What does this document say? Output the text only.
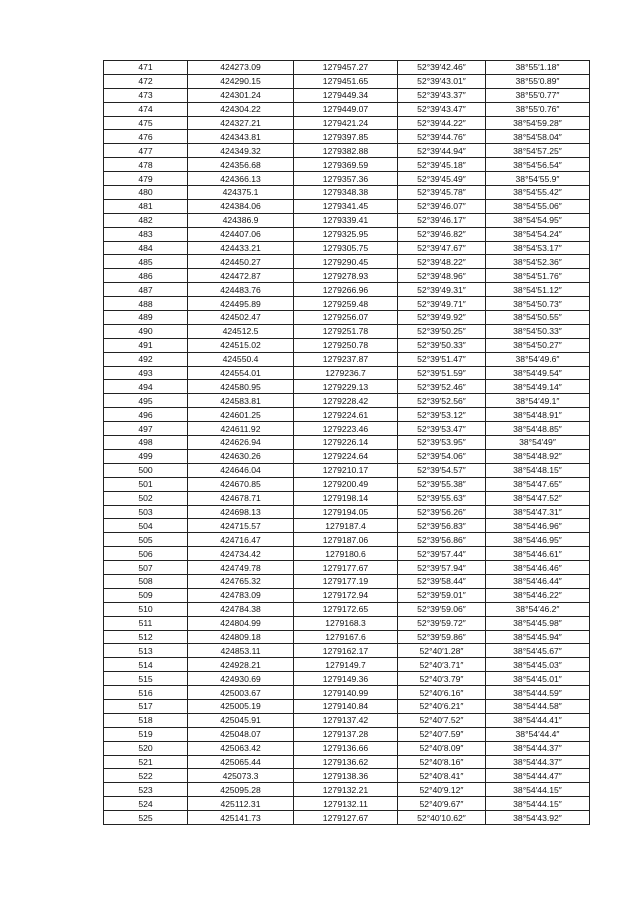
471	424273.09	1279457.27	52°39′42.46″	38°55′1.18″
472	424290.15	1279451.65	52°39′43.01″	38°55′0.89″
473	424301.24	1279449.34	52°39′43.37″	38°55′0.77″
474	424304.22	1279449.07	52°39′43.47″	38°55′0.76″
475	424327.21	1279421.24	52°39′44.22″	38°54′59.28″
476	424343.81	1279397.85	52°39′44.76″	38°54′58.04″
477	424349.32	1279382.88	52°39′44.94″	38°54′57.25″
478	424356.68	1279369.59	52°39′45.18″	38°54′56.54″
479	424366.13	1279357.36	52°39′45.49″	38°54′55.9″
480	424375.1	1279348.38	52°39′45.78″	38°54′55.42″
481	424384.06	1279341.45	52°39′46.07″	38°54′55.06″
482	424386.9	1279339.41	52°39′46.17″	38°54′54.95″
483	424407.06	1279325.95	52°39′46.82″	38°54′54.24″
484	424433.21	1279305.75	52°39′47.67″	38°54′53.17″
485	424450.27	1279290.45	52°39′48.22″	38°54′52.36″
486	424472.87	1279278.93	52°39′48.96″	38°54′51.76″
487	424483.76	1279266.96	52°39′49.31″	38°54′51.12″
488	424495.89	1279259.48	52°39′49.71″	38°54′50.73″
489	424502.47	1279256.07	52°39′49.92″	38°54′50.55″
490	424512.5	1279251.78	52°39′50.25″	38°54′50.33″
491	424515.02	1279250.78	52°39′50.33″	38°54′50.27″
492	424550.4	1279237.87	52°39′51.47″	38°54′49.6″
493	424554.01	1279236.7	52°39′51.59″	38°54′49.54″
494	424580.95	1279229.13	52°39′52.46″	38°54′49.14″
495	424583.81	1279228.42	52°39′52.56″	38°54′49.1″
496	424601.25	1279224.61	52°39′53.12″	38°54′48.91″
497	424611.92	1279223.46	52°39′53.47″	38°54′48.85″
498	424626.94	1279226.14	52°39′53.95″	38°54′49″
499	424630.26	1279224.64	52°39′54.06″	38°54′48.92″
500	424646.04	1279210.17	52°39′54.57″	38°54′48.15″
501	424670.85	1279200.49	52°39′55.38″	38°54′47.65″
502	424678.71	1279198.14	52°39′55.63″	38°54′47.52″
503	424698.13	1279194.05	52°39′56.26″	38°54′47.31″
504	424715.57	1279187.4	52°39′56.83″	38°54′46.96″
505	424716.47	1279187.06	52°39′56.86″	38°54′46.95″
506	424734.42	1279180.6	52°39′57.44″	38°54′46.61″
507	424749.78	1279177.67	52°39′57.94″	38°54′46.46″
508	424765.32	1279177.19	52°39′58.44″	38°54′46.44″
509	424783.09	1279172.94	52°39′59.01″	38°54′46.22″
510	424784.38	1279172.65	52°39′59.06″	38°54′46.2″
511	424804.99	1279168.3	52°39′59.72″	38°54′45.98″
512	424809.18	1279167.6	52°39′59.86″	38°54′45.94″
513	424853.11	1279162.17	52°40′1.28″	38°54′45.67″
514	424928.21	1279149.7	52°40′3.71″	38°54′45.03″
515	424930.69	1279149.36	52°40′3.79″	38°54′45.01″
516	425003.67	1279140.99	52°40′6.16″	38°54′44.59″
517	425005.19	1279140.84	52°40′6.21″	38°54′44.58″
518	425045.91	1279137.42	52°40′7.52″	38°54′44.41″
519	425048.07	1279137.28	52°40′7.59″	38°54′44.4″
520	425063.42	1279136.66	52°40′8.09″	38°54′44.37″
521	425065.44	1279136.62	52°40′8.16″	38°54′44.37″
522	425073.3	1279138.36	52°40′8.41″	38°54′44.47″
523	425095.28	1279132.21	52°40′9.12″	38°54′44.15″
524	425112.31	1279132.11	52°40′9.67″	38°54′44.15″
525	425141.73	1279127.67	52°40′10.62″	38°54′43.92″
